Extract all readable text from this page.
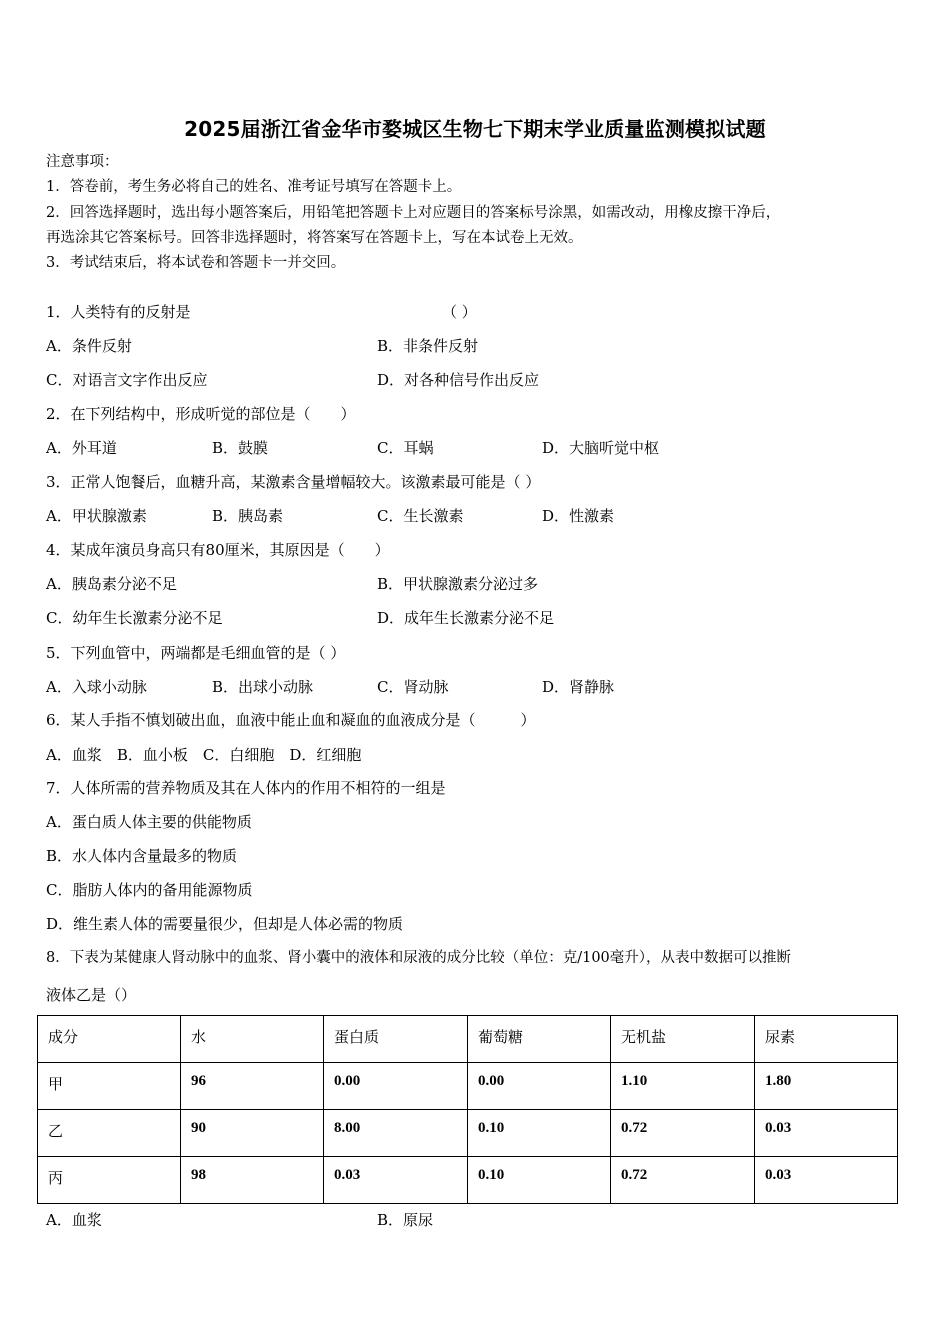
2025届浙江省金华市婺城区生物七下期末学业质量监测模拟试题
注意事项：
1．答卷前，考生务必将自己的姓名、准考证号填写在答题卡上。
2．回答选择题时，选出每小题答案后，用铅笔把答题卡上对应题目的答案标号涂黑，如需改动，用橡皮擦干净后，
再选涂其它答案标号。回答非选择题时，将答案写在答题卡上，写在本试卷上无效。
3．考试结束后，将本试卷和答题卡一并交回。
1．人类特有的反射是	（ ）
A．条件反射	B．非条件反射
C．对语言文字作出反应	D．对各种信号作出反应
2．在下列结构中，形成听觉的部位是（　　）
A．外耳道	B．鼓膜	C．耳蜗	D．大脑听觉中枢
3．正常人饱餐后，血糖升高，某激素含量增幅较大。该激素最可能是（ ）
A．甲状腺激素	B．胰岛素	C．生长激素	D．性激素
4．某成年演员身高只有80厘米，其原因是（　　）
A．胰岛素分泌不足	B．甲状腺激素分泌过多
C．幼年生长激素分泌不足	D．成年生长激素分泌不足
5．下列血管中，两端都是毛细血管的是（ ）
A．入球小动脉	B．出球小动脉	C．肾动脉	D．肾静脉
6．某人手指不慎划破出血，血液中能止血和凝血的血液成分是（　　　）
A．血浆　B．血小板　C．白细胞　D．红细胞
7．人体所需的营养物质及其在人体内的作用不相符的一组是
A．蛋白质人体主要的供能物质
B．水人体内含量最多的物质
C．脂肪人体内的备用能源物质
D．维生素人体的需要量很少，但却是人体必需的物质
8．下表为某健康人肾动脉中的血浆、肾小囊中的液体和尿液的成分比较（单位：克/100毫升），从表中数据可以推断
液体乙是（）
成分	水	蛋白质	葡萄糖	无机盐	尿素
甲	96	0.00	0.00	1.10	1.80
乙	90	8.00	0.10	0.72	0.03
丙	98	0.03	0.10	0.72	0.03
A．血浆	B．原尿
